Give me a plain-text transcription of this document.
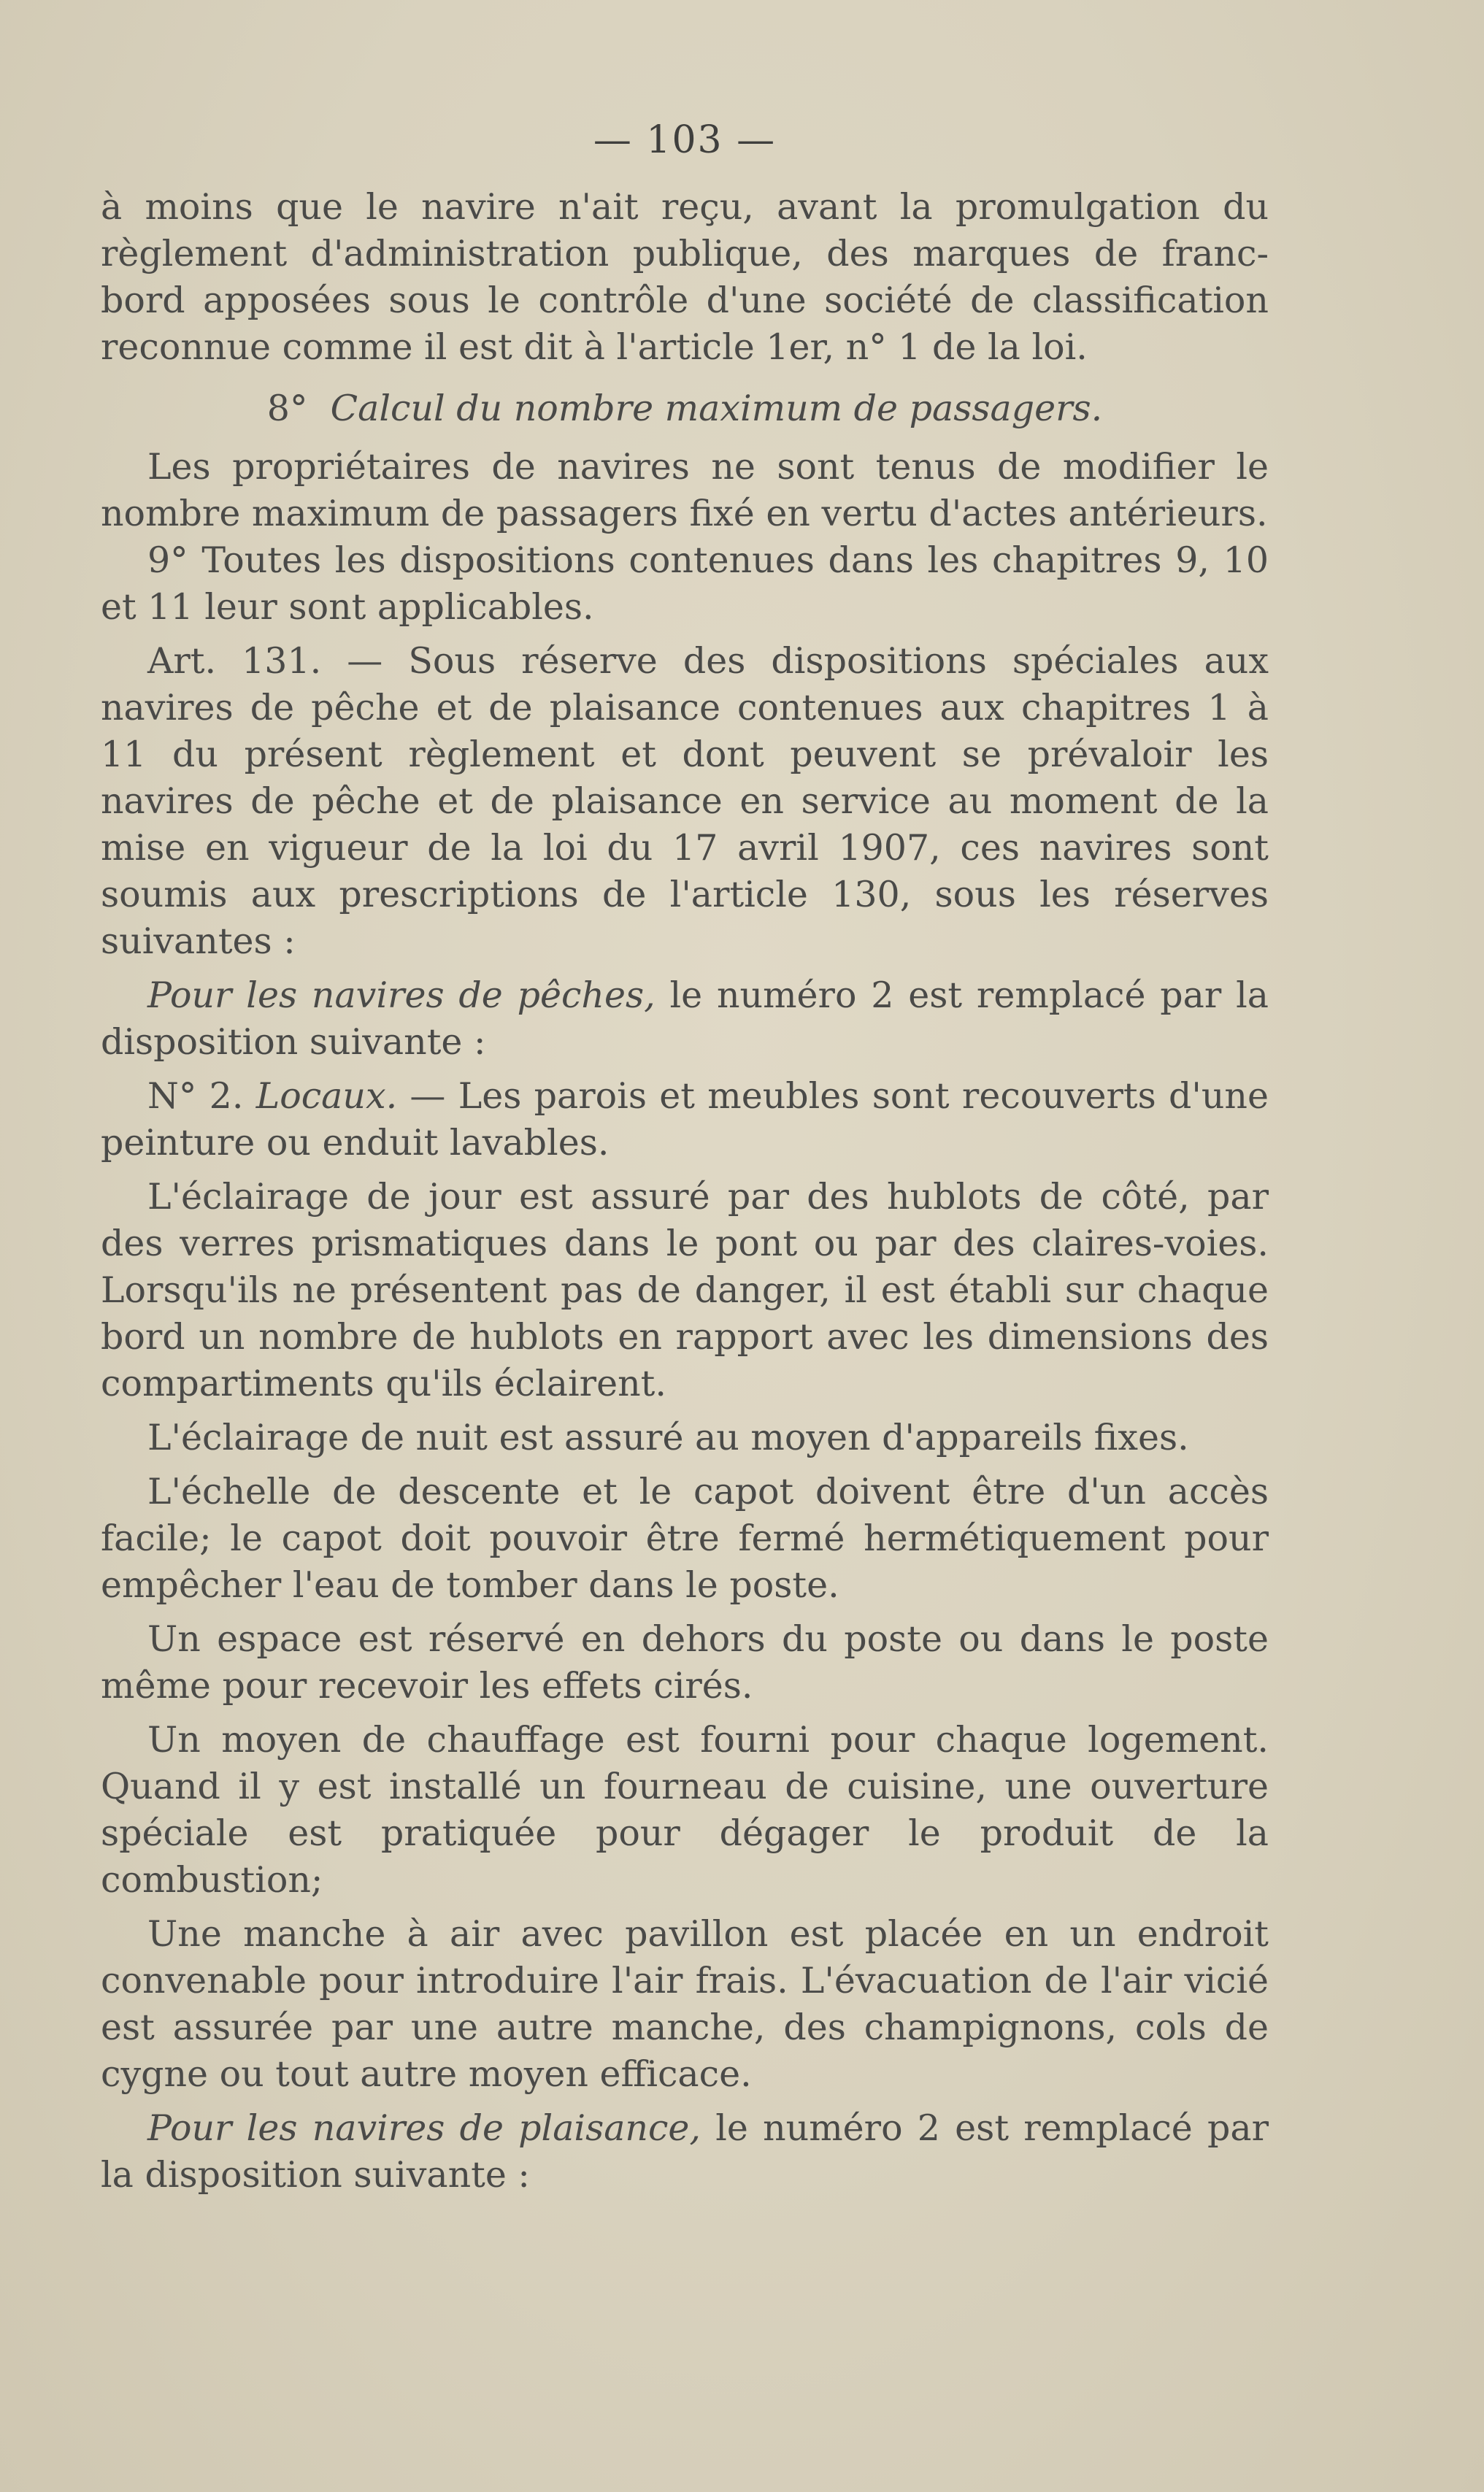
— 103 —

à moins que le navire n'ait reçu, avant la promulgation du règlement d'administration publique, des marques de franc-bord apposées sous le contrôle d'une société de classification reconnue comme il est dit à l'article 1er, n° 1 de la loi.

8° Calcul du nombre maximum de passagers.

Les propriétaires de navires ne sont tenus de modifier le nombre maximum de passagers fixé en vertu d'actes antérieurs.

9° Toutes les dispositions contenues dans les chapitres 9, 10 et 11 leur sont applicables.

Art. 131. — Sous réserve des dispositions spéciales aux navires de pêche et de plaisance contenues aux chapitres 1 à 11 du présent règlement et dont peuvent se prévaloir les navires de pêche et de plaisance en service au moment de la mise en vigueur de la loi du 17 avril 1907, ces navires sont soumis aux prescriptions de l'article 130, sous les réserves suivantes :

Pour les navires de pêches, le numéro 2 est remplacé par la disposition suivante :

N° 2. Locaux. — Les parois et meubles sont recouverts d'une peinture ou enduit lavables.

L'éclairage de jour est assuré par des hublots de côté, par des verres prismatiques dans le pont ou par des claires-voies. Lorsqu'ils ne présentent pas de danger, il est établi sur chaque bord un nombre de hublots en rapport avec les dimensions des compartiments qu'ils éclairent.

L'éclairage de nuit est assuré au moyen d'appareils fixes.

L'échelle de descente et le capot doivent être d'un accès facile; le capot doit pouvoir être fermé hermétiquement pour empêcher l'eau de tomber dans le poste.

Un espace est réservé en dehors du poste ou dans le poste même pour recevoir les effets cirés.

Un moyen de chauffage est fourni pour chaque logement. Quand il y est installé un fourneau de cuisine, une ouverture spéciale est pratiquée pour dégager le produit de la combustion;

Une manche à air avec pavillon est placée en un endroit convenable pour introduire l'air frais. L'évacuation de l'air vicié est assurée par une autre manche, des champignons, cols de cygne ou tout autre moyen efficace.

Pour les navires de plaisance, le numéro 2 est remplacé par la disposition suivante :
